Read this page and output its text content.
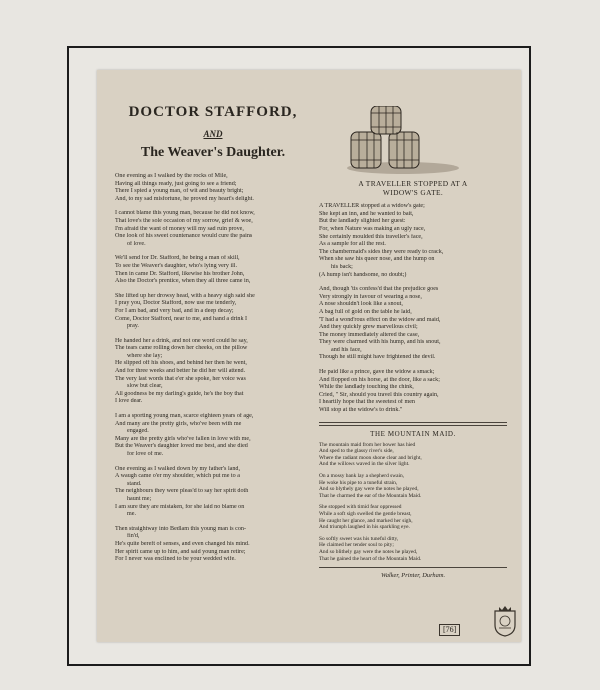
DOCTOR STAFFORD,
AND
The Weaver's Daughter.
One evening as I walked by the rocks of Mile,
Having all things ready, just going to see a friend;
There I spied a young man, of wit and beauty bright;
And, to my sad misfortune, he proved my heart's delight.
I cannot blame this young man, because he did not know,
That love's the sole occasion of my sorrow, grief & woe,
I'm afraid the want of money will my sad ruin prove,
One look of his sweet countenance would cure the pains
of love.
We'll send for Dr. Stafford, he being a man of skill,
To see the Weaver's daughter, who's lying very ill.
Then in came Dr. Stafford, likewise his brother John,
Also the Doctor's prentice, when they all three came in,
She lifted up her drowsy head, with a heavy sigh said she
I pray you, Doctor Stafford, now use me tenderly,
For I am bad, and very bad, and in a deep decay;
Come, Doctor Stafford, near to me, and hand a drink I
pray.
He handed her a drink, and not one word could he say,
The tears came rolling down her cheeks, on the pillow
where she lay;
He slipped off his shoes, and behind her then he went,
And for three weeks and better he did her will attend.
The very last words that e'er she spoke, her voice was
slow but clear,
All goodness be my darling's guide, he's the boy that
I love dear.
I am a sporting young man, scarce eighteen years of age,
And many are the pretty girls, who've been with me
engaged.
Many are the pretty girls who've fallen in love with me,
But the Weaver's daughter loved me best, and she died
for love of me.
One evening as I walked down by my father's land,
A waugh came o'er my shoulder, which put me to a
stand.
The neighbours they were pleas'd to say her spirit doth
haunt me;
I am sure they are mistaken, for she laid no blame on
me.
Then straightway into Bedlam this young man is con-
fin'd,
He's quite bereft of senses, and even changed his mind.
Her spirit came up to him, and said young man retire;
For I never was enclined to be your wedded wife.
A TRAVELLER STOPPED AT A
WIDOW'S GATE.
A TRAVELLER stopped at a widow's gate;
She kept an inn, and he wanted to bait,
But the landlady slighted her guest:
For, when Nature was making an ugly race,
She certainly moulded this traveller's face,
As a sample for all the rest.
The chambermaid's sides they were ready to crack,
When she saw his queer nose, and the hump on
his back;
(A hump isn't handsome, no doubt;)
And, though 'tis confess'd that the prejudice goes
Very strongly in favour of wearing a nose,
A nose shouldn't look like a snout,
A bag full of gold on the table he laid,
'T had a wond'rous effect on the widow and maid,
And they quickly grew marvellous civil;
The money immediately altered the case,
They were charmed with his hump, and his snout,
and his face,
Though he still might have frightened the devil.
He paid like a prince, gave the widow a smack;
And flopped on his horse, at the door, like a sack;
While the landlady touching the chink,
Cried, " Sir, should you travel this country again,
I heartily hope that the sweetest of men
Will stop at the widow's to drink."
THE MOUNTAIN MAID.
The mountain maid from her bower has hied
And sped to the glassy river's side,
Where the radiant moon shone clear and bright,
And the willows waved in the silver light.
On a mossy bank lay a shepherd swain,
He woke his pipe to a tuneful strain,
And so blythely gay were the notes he played,
That he charmed the ear of the Mountain Maid.
She stopped with timid fear oppressed
While a soft sigh swelled the gentle breast,
He caught her glance, and marked her sigh,
And triumph laughed in his sparkling eye.
So softly sweet was his tuneful ditty,
He claimed her tender soul to pity;
And so blithely gay were the notes he played,
That he gained the heart of the Mountain Maid.
Walker, Printer, Durham.
[76]
